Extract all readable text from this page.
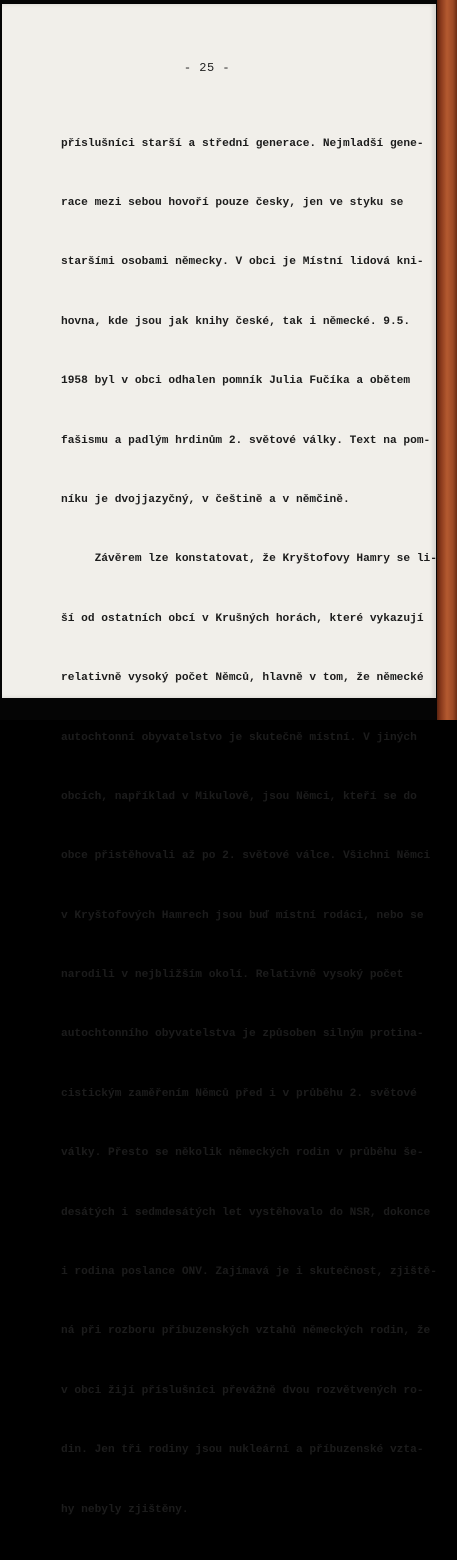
- 25 -

příslušníci starší a střední generace. Nejmladší gene-

race mezi sebou hovoří pouze česky, jen ve styku se

staršími osobami německy. V obci je Místní lidová kni-

hovna, kde jsou jak knihy české, tak i německé. 9.5.

1958 byl v obci odhalen pomník Julia Fučíka a obětem

fašismu a padlým hrdinům 2. světové války. Text na pom-

níku je dvojjazyčný, v češtině a v němčině.

Závěrem lze konstatovat, že Kryštofovy Hamry se li-

ší od ostatních obcí v Krušných horách, které vykazují

relativně vysoký počet Němců, hlavně v tom, že německé

autochtonní obyvatelstvo je skutečně místní. V jiných

obcích, například v Mikulově, jsou Němci, kteří se do

obce přistěhovali až po 2. světové válce. Všichni Němci

v Kryštofových Hamrech jsou buď místní rodáci, nebo se

narodili v nejbližším okolí. Relativně vysoký počet

autochtonního obyvatelstva je způsoben silným protina-

cistickým zaměřením Němců před i v průběhu 2. světové

války. Přesto se několik německých rodin v průběhu še-

desátých i sedmdesátých let vystěhovalo do NSR, dokonce

i rodina poslance ONV. Zajímavá je i skutečnost, zjiště-

ná při rozboru příbuzenských vztahů německých rodin, že

v obci žijí příslušníci převážně dvou rozvětvených ro-

din. Jen tři rodiny jsou nukleární a příbuzenské vzta-

hy nebyly zjištěny.
